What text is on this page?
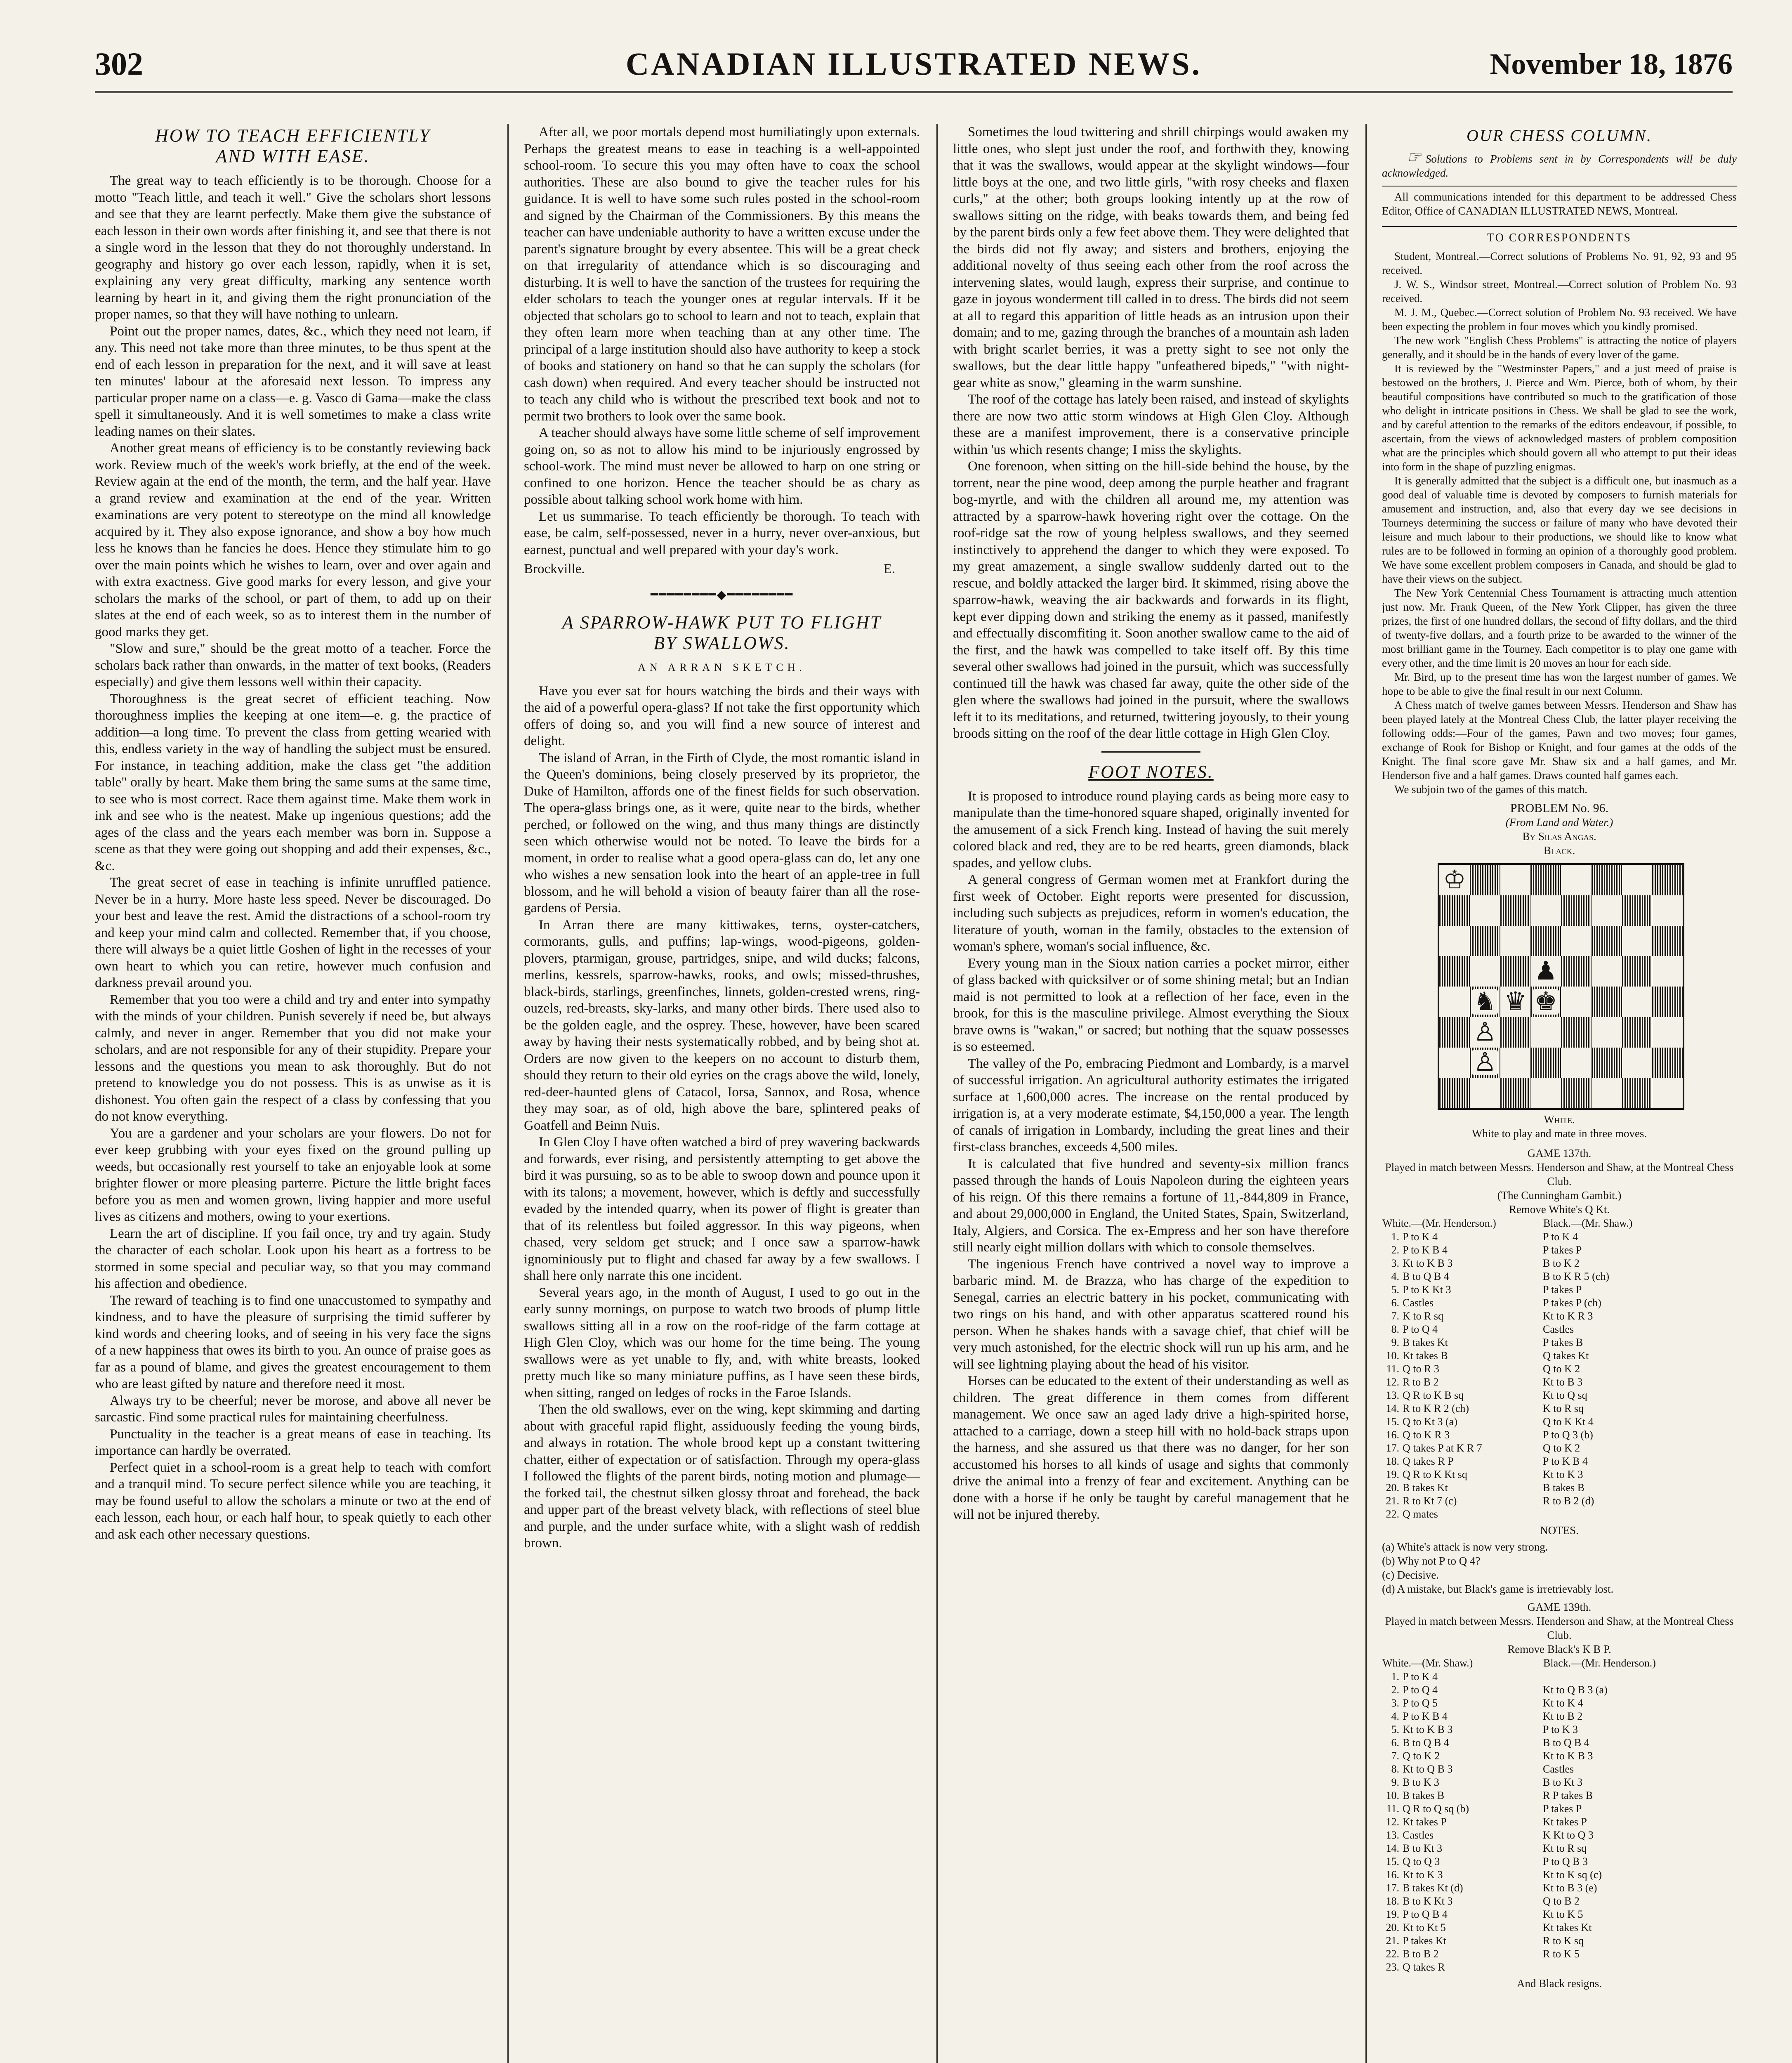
302	CANADIAN ILLUSTRATED NEWS.	November 18, 1876
HOW TO TEACH EFFICIENTLY
AND WITH EASE.

The great way to teach efficiently is to be thorough. Choose for a motto "Teach little, and teach it well." Give the scholars short lessons and see that they are learnt perfectly. Make them give the substance of each lesson in their own words after finishing it, and see that there is not a single word in the lesson that they do not thoroughly understand. In geography and history go over each lesson, rapidly, when it is set, explaining any very great difficulty, marking any sentence worth learning by heart in it, and giving them the right pronunciation of the proper names, so that they will have nothing to unlearn.

Point out the proper names, dates, &c., which they need not learn, if any. This need not take more than three minutes, to be thus spent at the end of each lesson in preparation for the next, and it will save at least ten minutes' labour at the aforesaid next lesson. To impress any particular proper name on a class—e. g. Vasco di Gama—make the class spell it simultaneously. And it is well sometimes to make a class write leading names on their slates.

Another great means of efficiency is to be constantly reviewing back work. Review much of the week's work briefly, at the end of the week. Review again at the end of the month, the term, and the half year. Have a grand review and examination at the end of the year. Written examinations are very potent to stereotype on the mind all knowledge acquired by it. They also expose ignorance, and show a boy how much less he knows than he fancies he does. Hence they stimulate him to go over the main points which he wishes to learn, over and over again and with extra exactness. Give good marks for every lesson, and give your scholars the marks of the school, or part of them, to add up on their slates at the end of each week, so as to interest them in the number of good marks they get.

"Slow and sure," should be the great motto of a teacher. Force the scholars back rather than onwards, in the matter of text books, (Readers especially) and give them lessons well within their capacity.

Thoroughness is the great secret of efficient teaching. Now thoroughness implies the keeping at one item—e. g. the practice of addition—a long time. To prevent the class from getting wearied with this, endless variety in the way of handling the subject must be ensured. For instance, in teaching addition, make the class get "the addition table" orally by heart. Make them bring the same sums at the same time, to see who is most correct. Race them against time. Make them work in ink and see who is the neatest. Make up ingenious questions; add the ages of the class and the years each member was born in. Suppose a scene as that they were going out shopping and add their expenses, &c., &c.

The great secret of ease in teaching is infinite unruffled patience. Never be in a hurry. More haste less speed. Never be discouraged. Do your best and leave the rest. Amid the distractions of a school-room try and keep your mind calm and collected. Remember that, if you choose, there will always be a quiet little Goshen of light in the recesses of your own heart to which you can retire, however much confusion and darkness prevail around you.

Remember that you too were a child and try and enter into sympathy with the minds of your children. Punish severely if need be, but always calmly, and never in anger. Remember that you did not make your scholars, and are not responsible for any of their stupidity. Prepare your lessons and the questions you mean to ask thoroughly. But do not pretend to knowledge you do not possess. This is as unwise as it is dishonest. You often gain the respect of a class by confessing that you do not know everything.

You are a gardener and your scholars are your flowers. Do not for ever keep grubbing with your eyes fixed on the ground pulling up weeds, but occasionally rest yourself to take an enjoyable look at some brighter flower or more pleasing parterre. Picture the little bright faces before you as men and women grown, living happier and more useful lives as citizens and mothers, owing to your exertions.

Learn the art of discipline. If you fail once, try and try again. Study the character of each scholar. Look upon his heart as a fortress to be stormed in some special and peculiar way, so that you may command his affection and obedience.

The reward of teaching is to find one unaccustomed to sympathy and kindness, and to have the pleasure of surprising the timid sufferer by kind words and cheering looks, and of seeing in his very face the signs of a new happiness that owes its birth to you. An ounce of praise goes as far as a pound of blame, and gives the greatest encouragement to them who are least gifted by nature and therefore need it most.

Always try to be cheerful; never be morose, and above all never be sarcastic. Find some practical rules for maintaining cheerfulness.

Punctuality in the teacher is a great means of ease in teaching. Its importance can hardly be overrated.

Perfect quiet in a school-room is a great help to teach with comfort and a tranquil mind. To secure perfect silence while you are teaching, it may be found useful to allow the scholars a minute or two at the end of each lesson, each hour, or each half hour, to speak quietly to each other and ask each other necessary questions.

After all, we poor mortals depend most humiliatingly upon externals. Perhaps the greatest means to ease in teaching is a well-appointed school-room. To secure this you may often have to coax the school authorities. These are also bound to give the teacher rules for his guidance. It is well to have some such rules posted in the school-room and signed by the Chairman of the Commissioners. By this means the teacher can have undeniable authority to have a written excuse under the parent's signature brought by every absentee. This will be a great check on that irregularity of attendance which is so discouraging and disturbing. It is well to have the sanction of the trustees for requiring the elder scholars to teach the younger ones at regular intervals. If it be objected that scholars go to school to learn and not to teach, explain that they often learn more when teaching than at any other time. The principal of a large institution should also have authority to keep a stock of books and stationery on hand so that he can supply the scholars (for cash down) when required. And every teacher should be instructed not to teach any child who is without the prescribed text book and not to permit two brothers to look over the same book.

A teacher should always have some little scheme of self improvement going on, so as not to allow his mind to be injuriously engrossed by school-work. The mind must never be allowed to harp on one string or confined to one horizon. Hence the teacher should be as chary as possible about talking school work home with him.

Let us summarise. To teach efficiently be thorough. To teach with ease, be calm, self-possessed, never in a hurry, never over-anxious, but earnest, punctual and well prepared with your day's work.

Brockville.	E.

━━━━━━━━◆━━━━━━━━
A SPARROW-HAWK PUT TO FLIGHT
BY SWALLOWS.
AN ARRAN SKETCH.

Have you ever sat for hours watching the birds and their ways with the aid of a powerful opera-glass? If not take the first opportunity which offers of doing so, and you will find a new source of interest and delight.

The island of Arran, in the Firth of Clyde, the most romantic island in the Queen's dominions, being closely preserved by its proprietor, the Duke of Hamilton, affords one of the finest fields for such observation. The opera-glass brings one, as it were, quite near to the birds, whether perched, or followed on the wing, and thus many things are distinctly seen which otherwise would not be noted. To leave the birds for a moment, in order to realise what a good opera-glass can do, let any one who wishes a new sensation look into the heart of an apple-tree in full blossom, and he will behold a vision of beauty fairer than all the rose-gardens of Persia.

In Arran there are many kittiwakes, terns, oyster-catchers, cormorants, gulls, and puffins; lap-wings, wood-pigeons, golden-plovers, ptarmigan, grouse, partridges, snipe, and wild ducks; falcons, merlins, kessrels, sparrow-hawks, rooks, and owls; missed-thrushes, black-birds, starlings, greenfinches, linnets, golden-crested wrens, ring-ouzels, red-breasts, sky-larks, and many other birds. There used also to be the golden eagle, and the osprey. These, however, have been scared away by having their nests systematically robbed, and by being shot at. Orders are now given to the keepers on no account to disturb them, should they return to their old eyries on the crags above the wild, lonely, red-deer-haunted glens of Catacol, Iorsa, Sannox, and Rosa, whence they may soar, as of old, high above the bare, splintered peaks of Goatfell and Beinn Nuis.

In Glen Cloy I have often watched a bird of prey wavering backwards and forwards, ever rising, and persistently attempting to get above the bird it was pursuing, so as to be able to swoop down and pounce upon it with its talons; a movement, however, which is deftly and successfully evaded by the intended quarry, when its power of flight is greater than that of its relentless but foiled aggressor. In this way pigeons, when chased, very seldom get struck; and I once saw a sparrow-hawk ignominiously put to flight and chased far away by a few swallows. I shall here only narrate this one incident.

Several years ago, in the month of August, I used to go out in the early sunny mornings, on purpose to watch two broods of plump little swallows sitting all in a row on the roof-ridge of the farm cottage at High Glen Cloy, which was our home for the time being. The young swallows were as yet unable to fly, and, with white breasts, looked pretty much like so many miniature puffins, as I have seen these birds, when sitting, ranged on ledges of rocks in the Faroe Islands.

Then the old swallows, ever on the wing, kept skimming and darting about with graceful rapid flight, assiduously feeding the young birds, and always in rotation. The whole brood kept up a constant twittering chatter, either of expectation or of satisfaction. Through my opera-glass I followed the flights of the parent birds, noting motion and plumage—the forked tail, the chestnut silken glossy throat and forehead, the back and upper part of the breast velvety black, with reflections of steel blue and purple, and the under surface white, with a slight wash of reddish brown.

Sometimes the loud twittering and shrill chirpings would awaken my little ones, who slept just under the roof, and forthwith they, knowing that it was the swallows, would appear at the skylight windows—four little boys at the one, and two little girls, "with rosy cheeks and flaxen curls," at the other; both groups looking intently up at the row of swallows sitting on the ridge, with beaks towards them, and being fed by the parent birds only a few feet above them. They were delighted that the birds did not fly away; and sisters and brothers, enjoying the additional novelty of thus seeing each other from the roof across the intervening slates, would laugh, express their surprise, and continue to gaze in joyous wonderment till called in to dress. The birds did not seem at all to regard this apparition of little heads as an intrusion upon their domain; and to me, gazing through the branches of a mountain ash laden with bright scarlet berries, it was a pretty sight to see not only the swallows, but the dear little happy "unfeathered bipeds," "with night-gear white as snow," gleaming in the warm sunshine.

The roof of the cottage has lately been raised, and instead of skylights there are now two attic storm windows at High Glen Cloy. Although these are a manifest improvement, there is a conservative principle within 'us which resents change; I miss the skylights.

One forenoon, when sitting on the hill-side behind the house, by the torrent, near the pine wood, deep among the purple heather and fragrant bog-myrtle, and with the children all around me, my attention was attracted by a sparrow-hawk hovering right over the cottage. On the roof-ridge sat the row of young helpless swallows, and they seemed instinctively to apprehend the danger to which they were exposed. To my great amazement, a single swallow suddenly darted out to the rescue, and boldly attacked the larger bird. It skimmed, rising above the sparrow-hawk, weaving the air backwards and forwards in its flight, kept ever dipping down and striking the enemy as it passed, manifestly and effectually discomfiting it. Soon another swallow came to the aid of the first, and the hawk was compelled to take itself off. By this time several other swallows had joined in the pursuit, which was successfully continued till the hawk was chased far away, quite the other side of the glen where the swallows had joined in the pursuit, where the swallows left it to its meditations, and returned, twittering joyously, to their young broods sitting on the roof of the dear little cottage in High Glen Cloy.

FOOT NOTES.

It is proposed to introduce round playing cards as being more easy to manipulate than the time-honored square shaped, originally invented for the amusement of a sick French king. Instead of having the suit merely colored black and red, they are to be red hearts, green diamonds, black spades, and yellow clubs.

A general congress of German women met at Frankfort during the first week of October. Eight reports were presented for discussion, including such subjects as prejudices, reform in women's education, the literature of youth, woman in the family, obstacles to the extension of woman's sphere, woman's social influence, &c.

Every young man in the Sioux nation carries a pocket mirror, either of glass backed with quicksilver or of some shining metal; but an Indian maid is not permitted to look at a reflection of her face, even in the brook, for this is the masculine privilege. Almost everything the Sioux brave owns is "wakan," or sacred; but nothing that the squaw possesses is so esteemed.

The valley of the Po, embracing Piedmont and Lombardy, is a marvel of successful irrigation. An agricultural authority estimates the irrigated surface at 1,600,000 acres. The increase on the rental produced by irrigation is, at a very moderate estimate, $4,150,000 a year. The length of canals of irrigation in Lombardy, including the great lines and their first-class branches, exceeds 4,500 miles.

It is calculated that five hundred and seventy-six million francs passed through the hands of Louis Napoleon during the eighteen years of his reign. Of this there remains a fortune of 11,-844,809 in France, and about 29,000,000 in England, the United States, Spain, Switzerland, Italy, Algiers, and Corsica. The ex-Empress and her son have therefore still nearly eight million dollars with which to console themselves.

The ingenious French have contrived a novel way to improve a barbaric mind. M. de Brazza, who has charge of the expedition to Senegal, carries an electric battery in his pocket, communicating with two rings on his hand, and with other apparatus scattered round his person. When he shakes hands with a savage chief, that chief will be very much astonished, for the electric shock will run up his arm, and he will see lightning playing about the head of his visitor.

Horses can be educated to the extent of their understanding as well as children. The great difference in them comes from different management. We once saw an aged lady drive a high-spirited horse, attached to a carriage, down a steep hill with no hold-back straps upon the harness, and she assured us that there was no danger, for her son accustomed his horses to all kinds of usage and sights that commonly drive the animal into a frenzy of fear and excitement. Anything can be done with a horse if he only be taught by careful management that he will not be injured thereby.

OUR CHESS COLUMN.

☞ Solutions to Problems sent in by Correspondents will be duly acknowledged.

All communications intended for this department to be addressed Chess Editor, Office of CANADIAN ILLUSTRATED NEWS, Montreal.

TO CORRESPONDENTS

Student, Montreal.—Correct solutions of Problems No. 91, 92, 93 and 95 received.

J. W. S., Windsor street, Montreal.—Correct solution of Problem No. 93 received.

M. J. M., Quebec.—Correct solution of Problem No. 93 received. We have been expecting the problem in four moves which you kindly promised.

The new work "English Chess Problems" is attracting the notice of players generally, and it should be in the hands of every lover of the game.

It is reviewed by the "Westminster Papers," and a just meed of praise is bestowed on the brothers, J. Pierce and Wm. Pierce, both of whom, by their beautiful compositions have contributed so much to the gratification of those who delight in intricate positions in Chess. We shall be glad to see the work, and by careful attention to the remarks of the editors endeavour, if possible, to ascertain, from the views of acknowledged masters of problem composition what are the principles which should govern all who attempt to put their ideas into form in the shape of puzzling enigmas.

It is generally admitted that the subject is a difficult one, but inasmuch as a good deal of valuable time is devoted by composers to furnish materials for amusement and instruction, and, also that every day we see decisions in Tourneys determining the success or failure of many who have devoted their leisure and much labour to their productions, we should like to know what rules are to be followed in forming an opinion of a thoroughly good problem. We have some excellent problem composers in Canada, and should be glad to have their views on the subject.

The New York Centennial Chess Tournament is attracting much attention just now. Mr. Frank Queen, of the New York Clipper, has given the three prizes, the first of one hundred dollars, the second of fifty dollars, and the third of twenty-five dollars, and a fourth prize to be awarded to the winner of the most brilliant game in the Tourney. Each competitor is to play one game with every other, and the time limit is 20 moves an hour for each side.

Mr. Bird, up to the present time has won the largest number of games. We hope to be able to give the final result in our next Column.

A Chess match of twelve games between Messrs. Henderson and Shaw has been played lately at the Montreal Chess Club, the latter player receiving the following odds:—Four of the games, Pawn and two moves; four games, exchange of Rook for Bishop or Knight, and four games at the odds of the Knight. The final score gave Mr. Shaw six and a half games, and Mr. Henderson five and a half games. Draws counted half games each.

We subjoin two of the games of this match.

PROBLEM No. 96.

(From Land and Water.)

By Silas Angas.

Black.

♔
♟
♞ ♛ ♚
♙
♙

White.

White to play and mate in three moves.

GAME 137th.

Played in match between Messrs. Henderson and Shaw, at the Montreal Chess Club.

(The Cunningham Gambit.)

Remove White's Q Kt.

White.—(Mr. Henderson.)		Black.—(Mr. Shaw.)
1.	P to K 4	P to K 4
2.	P to K B 4	P takes P
3.	Kt to K B 3	B to K 2
4.	B to Q B 4	B to K R 5 (ch)
5.	P to K Kt 3	P takes P
6.	Castles	P takes P (ch)
7.	K to R sq	Kt to K R 3
8.	P to Q 4	Castles
9.	B takes Kt	P takes B
10.	Kt takes B	Q takes Kt
11.	Q to R 3	Q to K 2
12.	R to B 2	Kt to B 3
13.	Q R to K B sq	Kt to Q sq
14.	R to K R 2 (ch)	K to R sq
15.	Q to Kt 3 (a)	Q to K Kt 4
16.	Q to K R 3	P to Q 3 (b)
17.	Q takes P at K R 7	Q to K 2
18.	Q takes R P	P to K B 4
19.	Q R to K Kt sq	Kt to K 3
20.	B takes Kt	B takes B
21.	R to Kt 7 (c)	R to B 2 (d)
22.	Q mates	

NOTES.

(a) White's attack is now very strong.
(b) Why not P to Q 4?
(c) Decisive.
(d) A mistake, but Black's game is irretrievably lost.

GAME 139th.

Played in match between Messrs. Henderson and Shaw, at the Montreal Chess Club.

Remove Black's K B P.

White.—(Mr. Shaw.)		Black.—(Mr. Henderson.)
1.	P to K 4	
2.	P to Q 4	Kt to Q B 3 (a)
3.	P to Q 5	Kt to K 4
4.	P to K B 4	Kt to B 2
5.	Kt to K B 3	P to K 3
6.	B to Q B 4	B to Q B 4
7.	Q to K 2	Kt to K B 3
8.	Kt to Q B 3	Castles
9.	B to K 3	B to Kt 3
10.	B takes B	R P takes B
11.	Q R to Q sq (b)	P takes P
12.	Kt takes P	Kt takes P
13.	Castles	K Kt to Q 3
14.	B to Kt 3	Kt to R sq
15.	Q to Q 3	P to Q B 3
16.	Kt to K 3	Kt to K sq (c)
17.	B takes Kt (d)	Kt to B 3 (e)
18.	B to K Kt 3	Q to B 2
19.	P to Q B 4	Kt to K 5
20.	Kt to Kt 5	Kt takes Kt
21.	P takes Kt	R to K sq
22.	B to B 2	R to K 5
23.	Q takes R	

And Black resigns.
